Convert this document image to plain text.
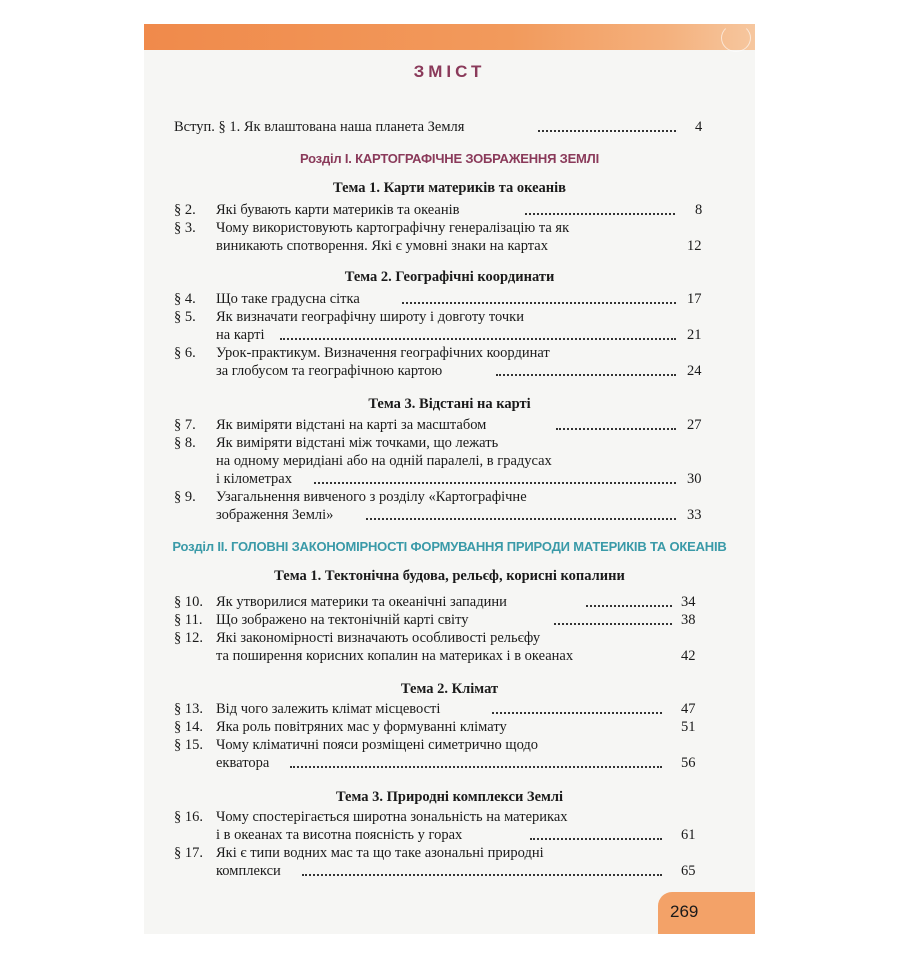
ЗМІСТ
Вступ. § 1. Як влаштована наша планета Земля	4
Розділ I. КАРТОГРАФІЧНЕ ЗОБРАЖЕННЯ ЗЕМЛІ
Тема 1. Карти материків та океанів
§ 2. Які бувають карти материків та океанів	8
§ 3. Чому використовують картографічну генералізацію та як
виникають спотворення. Які є умовні знаки на картах	12
Тема 2. Географічні координати
§ 4. Що таке градусна сітка	17
§ 5. Як визначати географічну широту і довготу точки
на карті	21
§ 6. Урок-практикум. Визначення географічних координат
за глобусом та географічною картою	24
Тема 3. Відстані на карті
§ 7. Як виміряти відстані на карті за масштабом	27
§ 8. Як виміряти відстані між точками, що лежать
на одному меридіані або на одній паралелі, в градусах
і кілометрах	30
§ 9. Узагальнення вивченого з розділу «Картографічне
зображення Землі»	33
Розділ II. ГОЛОВНІ ЗАКОНОМІРНОСТІ ФОРМУВАННЯ ПРИРОДИ МАТЕРИКІВ ТА ОКЕАНІВ
Тема 1. Тектонічна будова, рельєф, корисні копалини
§ 10. Як утворилися материки та океанічні западини	34
§ 11. Що зображено на тектонічній карті світу	38
§ 12. Які закономірності визначають особливості рельєфу
та поширення корисних копалин на материках і в океанах	42
Тема 2. Клімат
§ 13. Від чого залежить клімат місцевості	47
§ 14. Яка роль повітряних мас у формуванні клімату	51
§ 15. Чому кліматичні пояси розміщені симетрично щодо
екватора	56
Тема 3. Природні комплекси Землі
§ 16. Чому спостерігається широтна зональність на материках
і в океанах та висотна поясність у горах	61
§ 17. Які є типи водних мас та що таке азональні природні
комплекси	65
269
